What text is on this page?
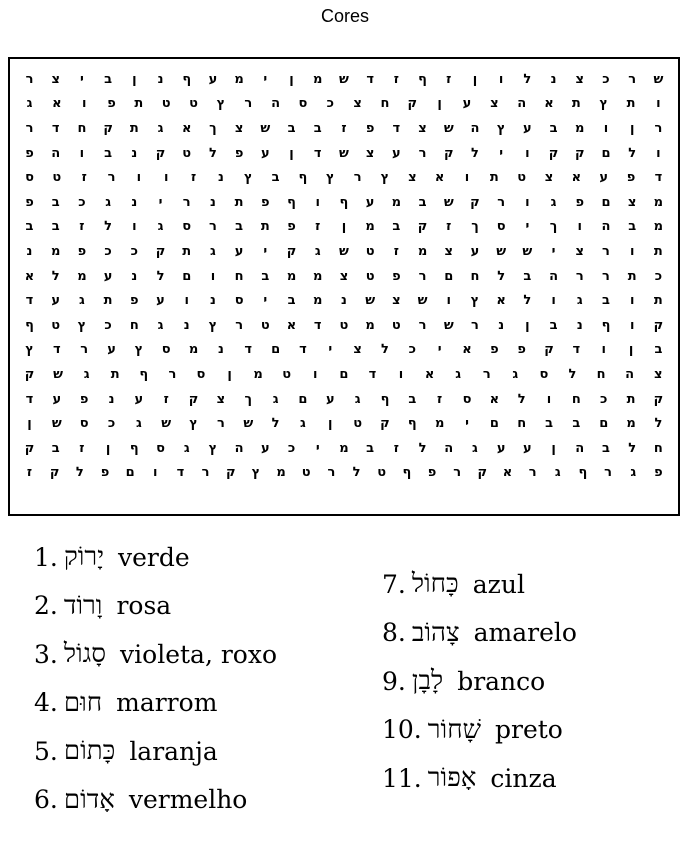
Cores
ש
ר
כ
צ
נ
ל
ו
ן
ז
ף
ז
ד
ש
מ
ן
י
מ
ע
ף
נ
ן
ב
י
צ
ר
ו
ת
ץ
ת
א
ה
צ
ע
ן
ק
ח
צ
כ
ס
ה
ר
ץ
ט
ט
ת
פ
ו
א
ג
ר
ן
ו
מ
ב
ע
ץ
ה
ש
צ
ד
פ
ז
ב
ב
ש
צ
ך
א
ג
ת
ק
ח
ד
ר
ו
ל
ם
ק
ק
ו
י
ל
ק
ר
ע
צ
ש
ד
ן
ע
פ
ל
ט
ק
נ
ב
ו
ה
פ
ד
פ
ע
א
צ
ט
ת
ו
א
צ
ץ
ר
ץ
ף
ב
ץ
נ
ז
ו
ו
ר
ז
ט
ס
מ
צ
ם
פ
ג
ו
ר
ק
ש
ב
מ
ע
ף
ו
ף
פ
ת
נ
ר
י
נ
ג
כ
ב
פ
מ
ב
ה
ו
ך
י
ס
ך
ז
ק
ב
מ
ן
ז
פ
ת
ב
ר
ס
ג
ו
ל
ז
ב
ב
ת
ו
ר
צ
י
ש
ש
ע
צ
מ
ז
ט
ש
ג
ק
י
ע
ג
ת
ק
כ
כ
פ
מ
נ
כ
ת
ר
ר
ה
ב
ל
ח
ם
ר
פ
ט
צ
מ
מ
ב
ח
ו
ם
ל
נ
ע
מ
ל
א
ת
ו
ב
ג
ו
ל
א
ץ
ו
ש
צ
ש
נ
מ
ב
י
ס
נ
ו
ע
פ
ת
ג
ע
ד
ק
ו
ף
נ
ב
ן
נ
ר
ש
ר
ט
מ
ט
ד
א
ט
ר
ץ
נ
ג
ח
כ
ץ
ט
ף
ב
ן
ו
ד
ק
פ
פ
א
י
כ
ל
צ
י
ד
ם
ד
נ
מ
ס
ץ
ע
ר
ד
ץ
צ
ה
ח
ל
ס
ג
ר
ג
א
ו
ד
ם
ו
ט
מ
ן
ס
ר
ף
ת
ג
ש
ק
ק
ת
כ
ח
ו
ל
א
ס
ז
ב
ף
ג
ע
ם
ג
ך
צ
ק
ז
ע
נ
פ
ע
ד
ל
מ
ם
ב
ב
ח
ם
י
מ
ף
ק
ט
ן
ג
ל
ש
ר
ץ
ש
ג
כ
ס
ש
ן
ח
ל
ב
ה
ן
ע
ע
ג
ה
ל
ז
ב
מ
י
כ
ע
ה
ץ
ג
ס
ף
ן
ז
ב
ק
פ
ג
ר
ף
ג
ר
א
ק
ר
פ
ף
ט
ל
ר
ט
מ
ץ
ק
ר
ד
ו
ם
פ
ל
ק
ז
1. יָרוֹק verde
2. וָרוֹד rosa
3. סָגוֹל violeta, roxo
4. חוּם marrom
5. כָּתוֹם laranja
6. אָדוֹם vermelho
7. כָּחוֹל azul
8. צָהוֹב amarelo
9. לָבָן branco
10. שָׁחוֹר preto
11. אָפוֹר cinza
